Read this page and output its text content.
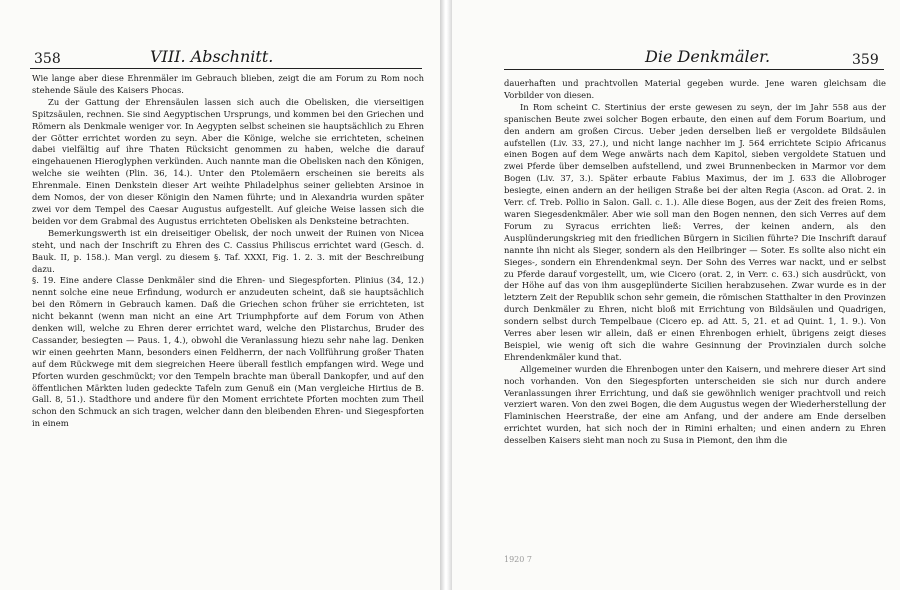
358	VIII. Abschnitt.

Wie lange aber diese Ehrenmäler im Gebrauch blieben, zeigt die am Forum zu Rom noch stehende Säule des Kaisers Phocas.

Zu der Gattung der Ehrensäulen lassen sich auch die Obelisken, die vierseitigen Spitzsäulen, rechnen. Sie sind Aegyptischen Ursprungs, und kommen bei den Griechen und Römern als Denkmale weniger vor. In Aegypten selbst scheinen sie hauptsächlich zu Ehren der Götter errichtet worden zu seyn. Aber die Könige, welche sie errichteten, scheinen dabei vielfältig auf ihre Thaten Rücksicht genommen zu haben, welche die darauf eingehauenen Hieroglyphen verkünden. Auch nannte man die Obelisken nach den Königen, welche sie weihten (Plin. 36, 14.). Unter den Ptolemäern erscheinen sie bereits als Ehrenmale. Einen Denkstein dieser Art weihte Philadelphus seiner geliebten Arsinoe in dem Nomos, der von dieser Königin den Namen führte; und in Alexandria wurden später zwei vor dem Tempel des Caesar Augustus aufgestellt. Auf gleiche Weise lassen sich die beiden vor dem Grabmal des Augustus errichteten Obelisken als Denksteine betrachten.

Bemerkungswerth ist ein dreiseitiger Obelisk, der noch unweit der Ruinen von Nicea steht, und nach der Inschrift zu Ehren des C. Cassius Philiscus errichtet ward (Gesch. d. Bauk. II, p. 158.). Man vergl. zu diesem §. Taf. XXXI, Fig. 1. 2. 3. mit der Beschreibung dazu.

§. 19. Eine andere Classe Denkmäler sind die Ehren- und Siegespforten. Plinius (34, 12.) nennt solche eine neue Erfindung, wodurch er anzudeuten scheint, daß sie hauptsächlich bei den Römern in Gebrauch kamen. Daß die Griechen schon früher sie errichteten, ist nicht bekannt (wenn man nicht an eine Art Triumphpforte auf dem Forum von Athen denken will, welche zu Ehren derer errichtet ward, welche den Plistarchus, Bruder des Cassander, besiegten — Paus. 1, 4.), obwohl die Veranlassung hiezu sehr nahe lag. Denken wir einen geehrten Mann, besonders einen Feldherrn, der nach Vollführung großer Thaten auf dem Rückwege mit dem siegreichen Heere überall festlich empfangen wird. Wege und Pforten wurden geschmückt; vor den Tempeln brachte man überall Dankopfer, und auf den öffentlichen Märkten luden gedeckte Tafeln zum Genuß ein (Man vergleiche Hirtius de B. Gall. 8, 51.). Stadthore und andere für den Moment errichtete Pforten mochten zum Theil schon den Schmuck an sich tragen, welcher dann den bleibenden Ehren- und Siegespforten in einem

Die Denkmäler.	359

dauerhaften und prachtvollen Material gegeben wurde. Jene waren gleichsam die Vorbilder von diesen.

In Rom scheint C. Stertinius der erste gewesen zu seyn, der im Jahr 558 aus der spanischen Beute zwei solcher Bogen erbaute, den einen auf dem Forum Boarium, und den andern am großen Circus. Ueber jeden derselben ließ er vergoldete Bildsäulen aufstellen (Liv. 33, 27.), und nicht lange nachher im J. 564 errichtete Scipio Africanus einen Bogen auf dem Wege anwärts nach dem Kapitol, sieben vergoldete Statuen und zwei Pferde über demselben aufstellend, und zwei Brunnenbecken in Marmor vor dem Bogen (Liv. 37, 3.). Später erbaute Fabius Maximus, der im J. 633 die Allobroger besiegte, einen andern an der heiligen Straße bei der alten Regia (Ascon. ad Orat. 2. in Verr. cf. Treb. Pollio in Salon. Gall. c. 1.). Alle diese Bogen, aus der Zeit des freien Roms, waren Siegesdenkmäler. Aber wie soll man den Bogen nennen, den sich Verres auf dem Forum zu Syracus errichten ließ: Verres, der keinen andern, als den Ausplünderungskrieg mit den friedlichen Bürgern in Sicilien führte? Die Inschrift darauf nannte ihn nicht als Sieger, sondern als den Heilbringer — Soter. Es sollte also nicht ein Sieges-, sondern ein Ehrendenkmal seyn. Der Sohn des Verres war nackt, und er selbst zu Pferde darauf vorgestellt, um, wie Cicero (orat. 2, in Verr. c. 63.) sich ausdrückt, von der Höhe auf das von ihm ausgeplünderte Sicilien herabzusehen. Zwar wurde es in der letztern Zeit der Republik schon sehr gemein, die römischen Statthalter in den Provinzen durch Denkmäler zu Ehren, nicht bloß mit Errichtung von Bildsäulen und Quadrigen, sondern selbst durch Tempelbaue (Cicero ep. ad Att. 5, 21. et ad Quint. 1, 1. 9.). Von Verres aber lesen wir allein, daß er einen Ehrenbogen erhielt, übrigens zeigt dieses Beispiel, wie wenig oft sich die wahre Gesinnung der Provinzialen durch solche Ehrendenkmäler kund that.

Allgemeiner wurden die Ehrenbogen unter den Kaisern, und mehrere dieser Art sind noch vorhanden. Von den Siegespforten unterscheiden sie sich nur durch andere Veranlassungen ihrer Errichtung, und daß sie gewöhnlich weniger prachtvoll und reich verziert waren. Von den zwei Bogen, die dem Augustus wegen der Wiederherstellung der Flaminischen Heerstraße, der eine am Anfang, und der andere am Ende derselben errichtet wurden, hat sich noch der in Rimini erhalten; und einen andern zu Ehren desselben Kaisers sieht man noch zu Susa in Piemont, den ihm die

1920 7
